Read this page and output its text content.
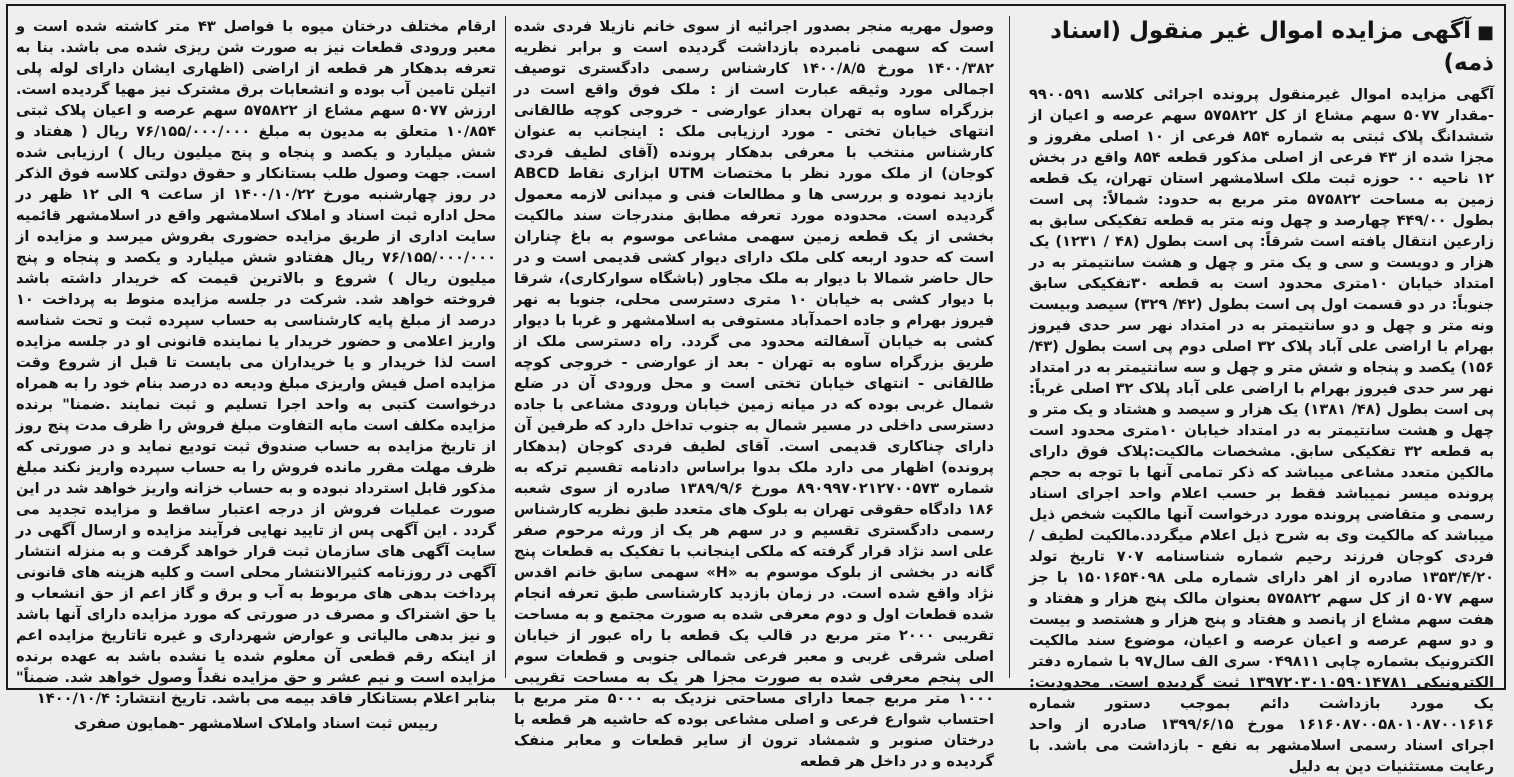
■آگهی مزایده اموال غیر منقول (اسناد ذمه)
آگهی مزایده اموال غیرمنقول پرونده اجرائی کلاسه ۹۹۰۰۵۹۱ -مقدار ۵۰۷۷ سهم مشاع از کل ۵۷۵۸۲۲ سهم عرصه و اعیان از ششدانگ پلاک ثبتی به شماره ۸۵۴ فرعی از ۱۰ اصلی مفروز و مجزا شده از ۴۳ فرعی از اصلی مذکور قطعه ۸۵۴ واقع در بخش ۱۲ ناحیه ۰۰ حوزه ثبت ملک اسلامشهر استان تهران، یک قطعه زمین به مساحت ۵۷۵۸۲۲ متر مربع به حدود: شمالاً: پی است بطول ۴۴۹/۰۰ چهارصد و چهل ونه متر به قطعه تفکیکی سابق به زارعین انتقال یافته است شرقاً: پی است بطول (۴۸ / ۱۲۳۱) یک هزار و دویست و سی و یک متر و چهل و هشت سانتیمتر به در امتداد خیابان ۱۰متری محدود است به قطعه ۳۰تفکیکی سابق جنوباً: در دو قسمت اول پی است بطول (۴۲/ ۳۲۹) سیصد وبیست ونه متر و چهل و دو سانتیمتر به در امتداد نهر سر حدی فیروز بهرام با اراضی علی آباد پلاک ۳۲ اصلی دوم پی است بطول (۴۳/ ۱۵۶) یکصد و پنجاه و شش متر و چهل و سه سانتیمتر به در امتداد نهر سر حدی فیروز بهرام با اراضی علی آباد پلاک ۳۲ اصلی غرباً: پی است بطول (۴۸/ ۱۳۸۱) یک هزار و سیصد و هشتاد و یک متر و چهل و هشت سانتیمتر به در امتداد خیابان ۱۰متری محدود است به قطعه ۳۲ تفکیکی سابق. مشخصات مالکیت:پلاک فوق دارای مالکین متعدد مشاعی میباشد که ذکر تمامی آنها با توجه به حجم پرونده میسر نمیباشد فقط بر حسب اعلام واحد اجرای اسناد رسمی و متقاضی پرونده مورد درخواست آنها مالکیت شخص ذیل میباشد که مالکیت وی به شرح ذیل اعلام میگردد.مالکیت لطیف / فردی کوجان فرزند رحیم شماره شناسنامه ۷۰۷ تاریخ تولد ۱۳۵۳/۴/۲۰ صادره از اهر دارای شماره ملی ۱۵۰۱۶۵۴۰۹۸ با جز سهم ۵۰۷۷ از کل سهم ۵۷۵۸۲۲ بعنوان مالک پنج هزار و هفتاد و هفت سهم مشاع از پانصد و هفتاد و پنج هزار و هشتصد و بیست و دو سهم عرصه و اعیان عرصه و اعیان، موضوع سند مالکیت الکترونیک بشماره چاپی ۰۴۹۸۱۱ سری الف سال۹۷ با شماره دفتر الکترونیکی ۱۳۹۷۲۰۳۰۱۰۵۹۰۱۴۷۸۱ ثبت گردیده است. محدودیت: یک مورد بازداشت دائم بموجب دستور شماره ۱۶۱۶۰۸۷۰۰۵۸۰۱۰۸۷۰۰۱۶۱۶ مورخ ۱۳۹۹/۶/۱۵ صادره از واحد اجرای اسناد رسمی اسلامشهر به نفع - بازداشت می باشد. با رعایت مستثنیات دین به دلیل
وصول مهریه منجر بصدور اجرائیه از سوی خانم نازیلا فردی شده است که سهمی نامبرده بازداشت گردیده است و برابر نظریه ۱۴۰۰/۳۸۲ مورخ ۱۴۰۰/۸/۵ کارشناس رسمی دادگستری توصیف اجمالی مورد وثیقه عبارت است از : ملک فوق واقع است در بزرگراه ساوه به تهران بعداز عوارضی - خروجی کوچه طالقانی انتهای خیابان تختی - مورد ارزیابی ملک : اینجانب به عنوان کارشناس منتخب با معرفی بدهکار پرونده (آقای لطیف فردی کوجان) از ملک مورد نظر با مختصات UTM ابزاری نقاط ABCD بازدید نموده و بررسی ها و مطالعات فنی و میدانی لازمه معمول گردیده است. محدوده مورد تعرفه مطابق مندرجات سند مالکیت بخشی از یک قطعه زمین سهمی مشاعی موسوم به باغ چناران است که حدود اربعه کلی ملک دارای دیوار کشی قدیمی است و در حال حاضر شمالا با دیوار به ملک مجاور (باشگاه سوارکاری)، شرقا با دیوار کشی به خیابان ۱۰ متری دسترسی محلی، جنوبا به نهر فیروز بهرام و جاده احمدآباد مستوفی به اسلامشهر و غربا با دیوار کشی به خیابان آسفالته محدود می گردد. راه دسترسی ملک از طریق بزرگراه ساوه به تهران - بعد از عوارضی - خروجی کوچه طالقانی - انتهای خیابان تختی است و محل ورودی آن در ضلع شمال غربی بوده که در میانه زمین خیابان ورودی مشاعی با جاده دسترسی داخلی در مسیر شمال به جنوب تداخل دارد که طرفین آن دارای چناکاری قدیمی است. آقای لطیف فردی کوجان (بدهکار پرونده) اظهار می دارد ملک بدوا براساس دادنامه تقسیم ترکه به شماره ۸۹۰۹۹۷۰۲۱۲۷۰۰۵۷۳ مورخ ۱۳۸۹/۹/۶ صادره از سوی شعبه ۱۸۶ دادگاه حقوقی تهران به بلوک های متعدد طبق نظریه کارشناس رسمی دادگستری تقسیم و در سهم هر یک از ورثه مرحوم صفر علی اسد نژاد قرار گرفته که ملکی اینجانب با تفکیک به قطعات پنج گانه در بخشی از بلوک موسوم به «H» سهمی سابق خانم اقدس نژاد واقع شده است. در زمان بازدید کارشناسی طبق تعرفه انجام شده قطعات اول و دوم معرفی شده به صورت مجتمع و به مساحت تقریبی ۲۰۰۰ متر مربع در قالب یک قطعه با راه عبور از خیابان اصلی شرقی غربی و معبر فرعی شمالی جنوبی و قطعات سوم الی پنجم معرفی شده به صورت مجزا هر یک به مساحت تقریبی ۱۰۰۰ متر مربع جمعا دارای مساحتی نزدیک به ۵۰۰۰ متر مربع با احتساب شوارع فرعی و اصلی مشاعی بوده که حاشیه هر قطعه با درختان صنوبر و شمشاد ترون از سایر قطعات و معابر منفک گردیده و در داخل هر قطعه
ارقام مختلف درختان میوه با فواصل ۴۳ متر کاشته شده است و معبر ورودی قطعات نیز به صورت شن ریزی شده می باشد. بنا به تعرفه بدهکار هر قطعه از اراضی (اظهاری ایشان دارای لوله پلی اتیلن تامین آب بوده و انشعابات برق مشترک نیز مهیا گردیده است. ارزش ۵۰۷۷ سهم مشاع از ۵۷۵۸۲۲ سهم عرصه و اعیان پلاک ثبتی ۱۰/۸۵۴ متعلق به مدیون به مبلغ ۷۶/۱۵۵/۰۰۰/۰۰۰ ریال ( هفتاد و شش میلیارد و یکصد و پنجاه و پنج میلیون ریال ) ارزیابی شده است. جهت وصول طلب بستانکار و حقوق دولتی کلاسه فوق الذکر در روز چهارشنبه مورخ ۱۴۰۰/۱۰/۲۲ از ساعت ۹ الی ۱۲ ظهر در محل اداره ثبت اسناد و املاک اسلامشهر واقع در اسلامشهر قائمیه سایت اداری از طریق مزایده حضوری بفروش میرسد و مزایده از ۷۶/۱۵۵/۰۰۰/۰۰۰ ریال هفتادو شش میلیارد و یکصد و پنجاه و پنج میلیون ریال ) شروع و بالاترین قیمت که خریدار داشته باشد فروخته خواهد شد. شرکت در جلسه مزایده منوط به پرداخت ۱۰ درصد از مبلغ پایه کارشناسی به حساب سپرده ثبت و تحت شناسه واریز اعلامی و حضور خریدار یا نماینده قانونی او در جلسه مزایده است لذا خریدار و یا خریداران می بایست تا قبل از شروع وقت مزایده اصل فیش واریزی مبلغ ودیعه ده درصد بنام خود را به همراه درخواست کتبی به واحد اجرا تسلیم و ثبت نمایند .ضمنا" برنده مزایده مکلف است مابه التفاوت مبلغ فروش را ظرف مدت پنج روز از تاریخ مزایده به حساب صندوق ثبت تودیع نماید و در صورتی که ظرف مهلت مقرر مانده فروش را به حساب سپرده واریز نکند مبلغ مذکور قابل استرداد نبوده و به حساب خزانه واریز خواهد شد در این صورت عملیات فروش از درجه اعتبار ساقط و مزایده تجدید می گردد . این آگهی پس از تایید نهایی فرآیند مزایده و ارسال آگهی در سایت آگهی های سازمان ثبت قرار خواهد گرفت و به منزله انتشار آگهی در روزنامه کثیرالانتشار محلی است و کلیه هزینه های قانونی پرداخت بدهی های مربوط به آب و برق و گاز اعم از حق انشعاب و یا حق اشتراک و مصرف در صورتی که مورد مزایده دارای آنها باشد و نیز بدهی مالیاتی و عوارض شهرداری و غیره تاتاریخ مزایده اعم از اینکه رقم قطعی آن معلوم شده یا نشده باشد به عهده برنده مزایده است و نیم عشر و حق مزایده نقداً وصول خواهد شد. ضمناً" بنابر اعلام بستانکار فاقد بیمه می باشد. تاریخ انتشار: ۱۴۰۰/۱۰/۴
رییس ثبت اسناد واملاک اسلامشهر -همایون صفری
